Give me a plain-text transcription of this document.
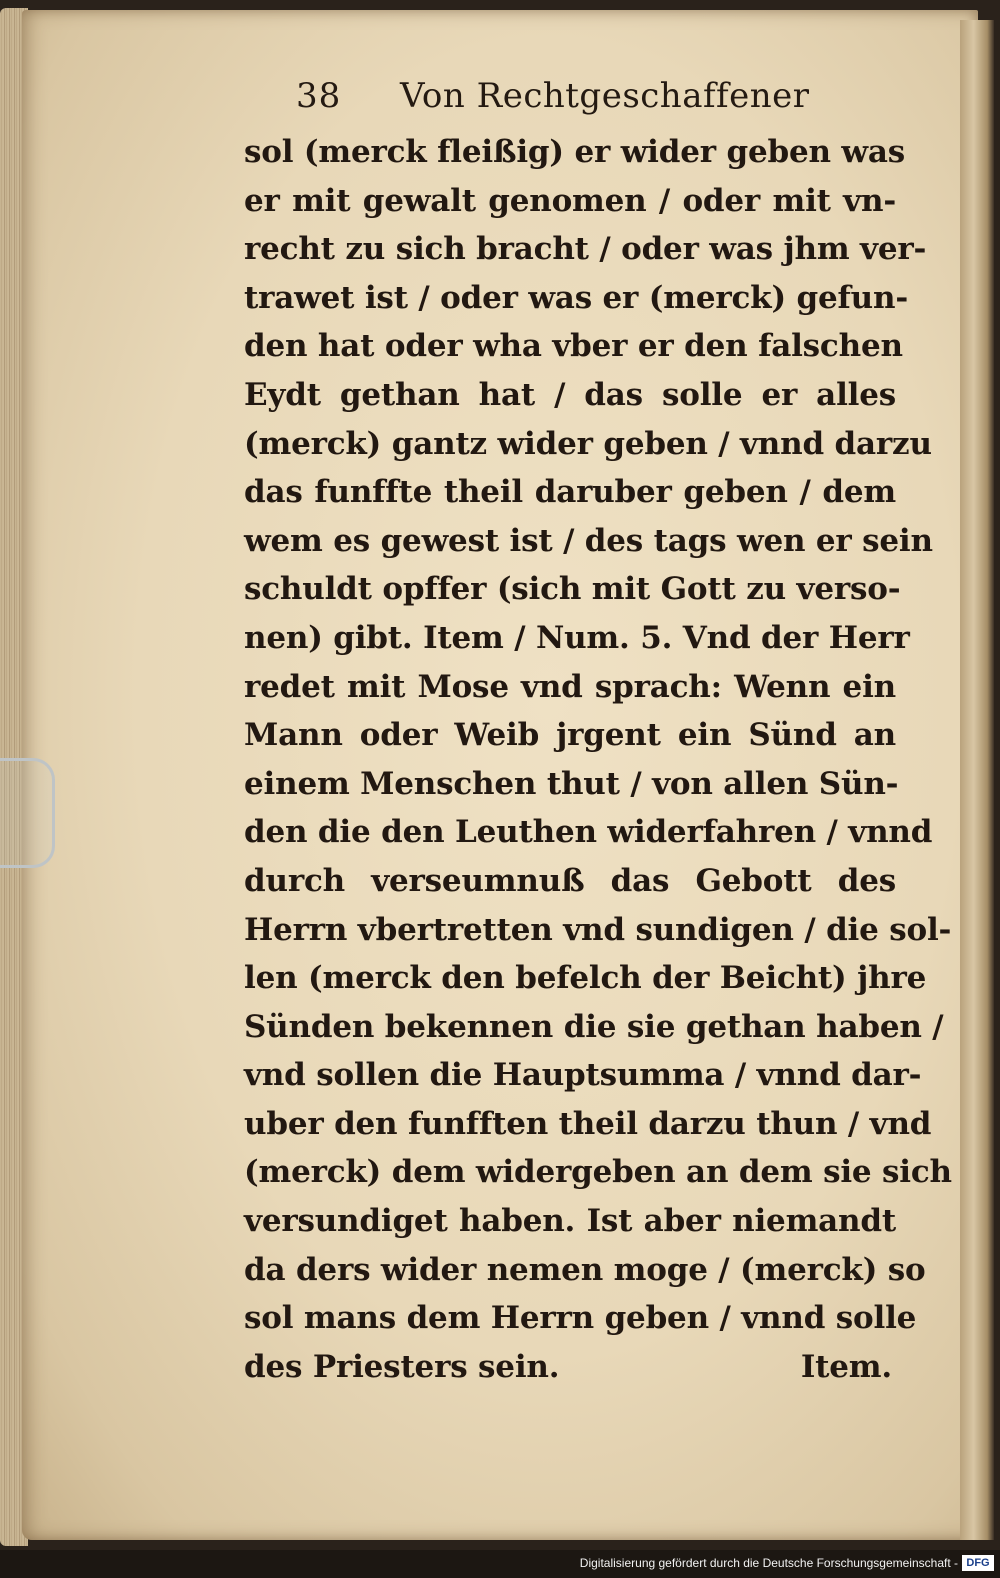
38 Von Rechtgeschaffener
sol (merck fleißig) er wider geben was
er mit gewalt genomen / oder mit vn-
recht zu sich bracht / oder was jhm ver-
trawet ist / oder was er (merck) gefun-
den hat oder wha vber er den falschen
Eydt gethan hat / das solle er alles
(merck) gantz wider geben / vnnd darzu
das funffte theil daruber geben / dem
wem es gewest ist / des tags wen er sein
schuldt opffer (sich mit Gott zu verso-
nen) gibt. Item / Num. 5. Vnd der Herr
redet mit Mose vnd sprach: Wenn ein
Mann oder Weib jrgent ein Sünd an
einem Menschen thut / von allen Sün-
den die den Leuthen widerfahren / vnnd
durch verseumnuß das Gebott des
Herrn vbertretten vnd sundigen / die sol-
len (merck den befelch der Beicht) jhre
Sünden bekennen die sie gethan haben /
vnd sollen die Hauptsumma / vnnd dar-
uber den funfften theil darzu thun / vnd
(merck) dem widergeben an dem sie sich
versundiget haben. Ist aber niemandt
da ders wider nemen moge / (merck) so
sol mans dem Herrn geben / vnnd solle
des Priesters sein.	Item.
Digitalisierung gefördert durch die Deutsche Forschungsgemeinschaft - DFG
